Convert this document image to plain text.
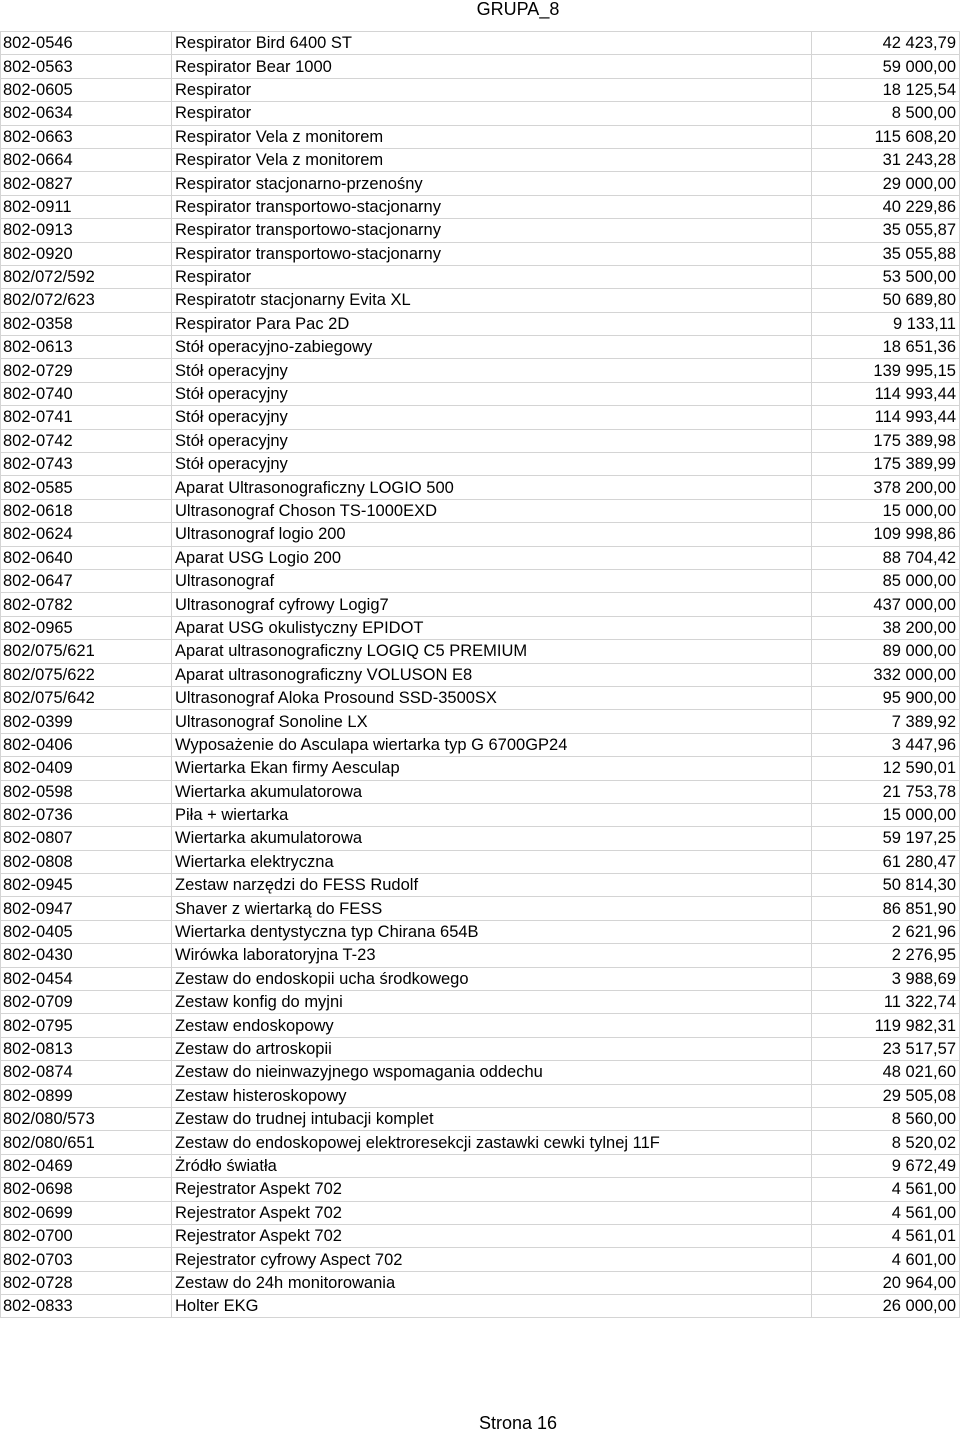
GRUPA_8
802-0546	Respirator Bird 6400 ST	42 423,79
802-0563	Respirator Bear 1000	59 000,00
802-0605	Respirator	18 125,54
802-0634	Respirator	8 500,00
802-0663	Respirator Vela z monitorem	115 608,20
802-0664	Respirator Vela z monitorem	31 243,28
802-0827	Respirator stacjonarno-przenośny	29 000,00
802-0911	Respirator transportowo-stacjonarny	40 229,86
802-0913	Respirator transportowo-stacjonarny	35 055,87
802-0920	Respirator transportowo-stacjonarny	35 055,88
802/072/592	Respirator	53 500,00
802/072/623	Respiratotr stacjonarny Evita XL	50 689,80
802-0358	Respirator Para Pac 2D	9 133,11
802-0613	Stół operacyjno-zabiegowy	18 651,36
802-0729	Stół operacyjny	139 995,15
802-0740	Stół operacyjny	114 993,44
802-0741	Stół operacyjny	114 993,44
802-0742	Stół operacyjny	175 389,98
802-0743	Stół operacyjny	175 389,99
802-0585	Aparat Ultrasonograficzny LOGIO 500	378 200,00
802-0618	Ultrasonograf Choson TS-1000EXD	15 000,00
802-0624	Ultrasonograf logio 200	109 998,86
802-0640	Aparat USG Logio 200	88 704,42
802-0647	Ultrasonograf	85 000,00
802-0782	Ultrasonograf cyfrowy Logig7	437 000,00
802-0965	Aparat USG okulistyczny EPIDOT	38 200,00
802/075/621	Aparat ultrasonograficzny LOGIQ C5 PREMIUM	89 000,00
802/075/622	Aparat ultrasonograficzny VOLUSON E8	332 000,00
802/075/642	Ultrasonograf Aloka Prosound SSD-3500SX	95 900,00
802-0399	Ultrasonograf Sonoline LX	7 389,92
802-0406	Wyposażenie do Asculapa wiertarka typ G 6700GP24	3 447,96
802-0409	Wiertarka Ekan firmy Aesculap	12 590,01
802-0598	Wiertarka akumulatorowa	21 753,78
802-0736	Piła + wiertarka	15 000,00
802-0807	Wiertarka akumulatorowa	59 197,25
802-0808	Wiertarka elektryczna	61 280,47
802-0945	Zestaw narzędzi do FESS Rudolf	50 814,30
802-0947	Shaver z wiertarką do FESS	86 851,90
802-0405	Wiertarka dentystyczna typ Chirana 654B	2 621,96
802-0430	Wirówka laboratoryjna T-23	2 276,95
802-0454	Zestaw do endoskopii ucha środkowego	3 988,69
802-0709	Zestaw konfig do myjni	11 322,74
802-0795	Zestaw endoskopowy	119 982,31
802-0813	Zestaw do artroskopii	23 517,57
802-0874	Zestaw do nieinwazyjnego wspomagania oddechu	48 021,60
802-0899	Zestaw histeroskopowy	29 505,08
802/080/573	Zestaw do trudnej intubacji komplet	8 560,00
802/080/651	Zestaw do endoskopowej elektroresekcji zastawki cewki tylnej 11F	8 520,02
802-0469	Żródło światła	9 672,49
802-0698	Rejestrator Aspekt 702	4 561,00
802-0699	Rejestrator Aspekt 702	4 561,00
802-0700	Rejestrator Aspekt 702	4 561,01
802-0703	Rejestrator cyfrowy Aspect 702	4 601,00
802-0728	Zestaw do 24h monitorowania	20 964,00
802-0833	Holter EKG	26 000,00
Strona 16
